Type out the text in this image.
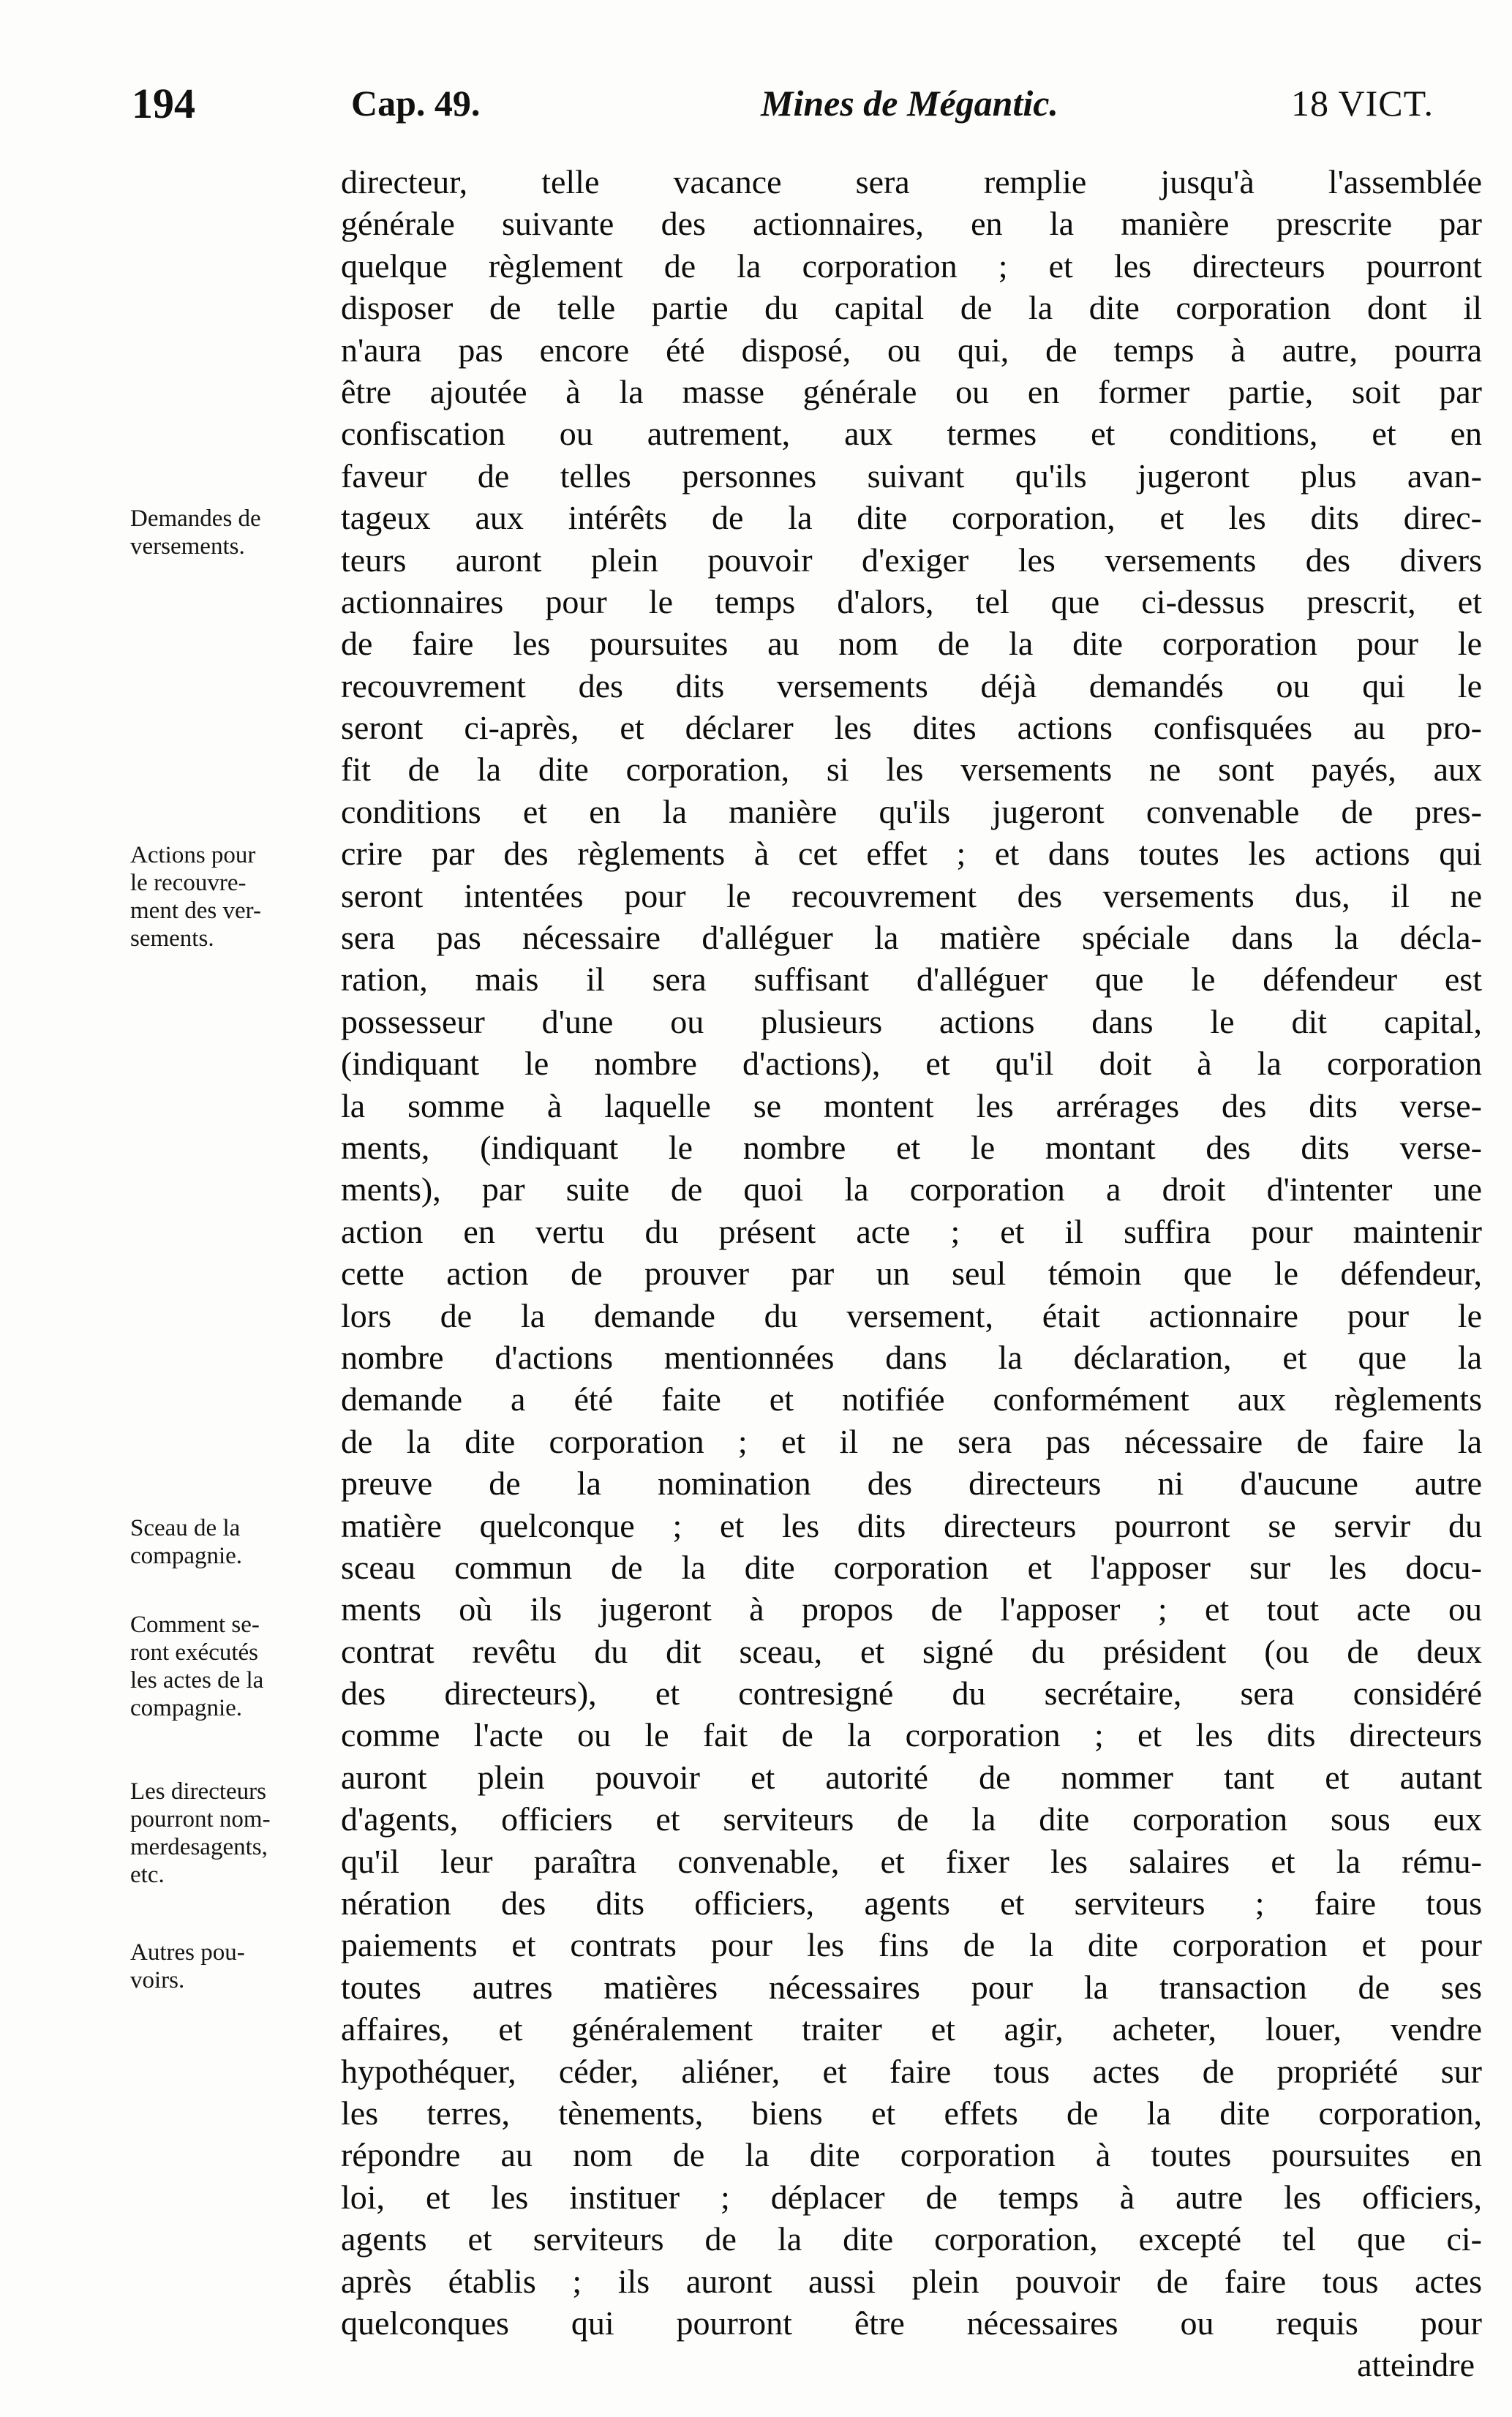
194	Cap. 49.	Mines de Mégantic.	18 VICT.
Demandes de
versements.
Actions pour
le recouvre-
ment des ver-
sements.
Sceau de la
compagnie.
Comment se-
ront exécutés
les actes de la
compagnie.
Les directeurs
pourront nom-
merdesagents,
etc.
Autres pou-
voirs.
directeur, telle vacance sera remplie jusqu'à l'assemblée
générale suivante des actionnaires, en la manière prescrite par
quelque règlement de la corporation ; et les directeurs pourront
disposer de telle partie du capital de la dite corporation dont il
n'aura pas encore été disposé, ou qui, de temps à autre, pourra
être ajoutée à la masse générale ou en former partie, soit par
confiscation ou autrement, aux termes et conditions, et en
faveur de telles personnes suivant qu'ils jugeront plus avan-
tageux aux intérêts de la dite corporation, et les dits direc-
teurs auront plein pouvoir d'exiger les versements des divers
actionnaires pour le temps d'alors, tel que ci-dessus prescrit, et
de faire les poursuites au nom de la dite corporation pour le
recouvrement des dits versements déjà demandés ou qui le
seront ci-après, et déclarer les dites actions confisquées au pro-
fit de la dite corporation, si les versements ne sont payés, aux
conditions et en la manière qu'ils jugeront convenable de pres-
crire par des règlements à cet effet ; et dans toutes les actions qui
seront intentées pour le recouvrement des versements dus, il ne
sera pas nécessaire d'alléguer la matière spéciale dans la décla-
ration, mais il sera suffisant d'alléguer que le défendeur est
possesseur d'une ou plusieurs actions dans le dit capital,
(indiquant le nombre d'actions), et qu'il doit à la corporation
la somme à laquelle se montent les arrérages des dits verse-
ments, (indiquant le nombre et le montant des dits verse-
ments), par suite de quoi la corporation a droit d'intenter une
action en vertu du présent acte ; et il suffira pour maintenir
cette action de prouver par un seul témoin que le défendeur,
lors de la demande du versement, était actionnaire pour le
nombre d'actions mentionnées dans la déclaration, et que la
demande a été faite et notifiée conformément aux règlements
de la dite corporation ; et il ne sera pas nécessaire de faire la
preuve de la nomination des directeurs ni d'aucune autre
matière quelconque ; et les dits directeurs pourront se servir du
sceau commun de la dite corporation et l'apposer sur les docu-
ments où ils jugeront à propos de l'apposer ; et tout acte ou
contrat revêtu du dit sceau, et signé du président (ou de deux
des directeurs), et contresigné du secrétaire, sera considéré
comme l'acte ou le fait de la corporation ; et les dits directeurs
auront plein pouvoir et autorité de nommer tant et autant
d'agents, officiers et serviteurs de la dite corporation sous eux
qu'il leur paraîtra convenable, et fixer les salaires et la rému-
nération des dits officiers, agents et serviteurs ; faire tous
paiements et contrats pour les fins de la dite corporation et pour
toutes autres matières nécessaires pour la transaction de ses
affaires, et généralement traiter et agir, acheter, louer, vendre
hypothéquer, céder, aliéner, et faire tous actes de propriété sur
les terres, tènements, biens et effets de la dite corporation,
répondre au nom de la dite corporation à toutes poursuites en
loi, et les instituer ; déplacer de temps à autre les officiers,
agents et serviteurs de la dite corporation, excepté tel que ci-
après établis ; ils auront aussi plein pouvoir de faire tous actes
quelconques qui pourront être nécessaires ou requis pour
atteindre
